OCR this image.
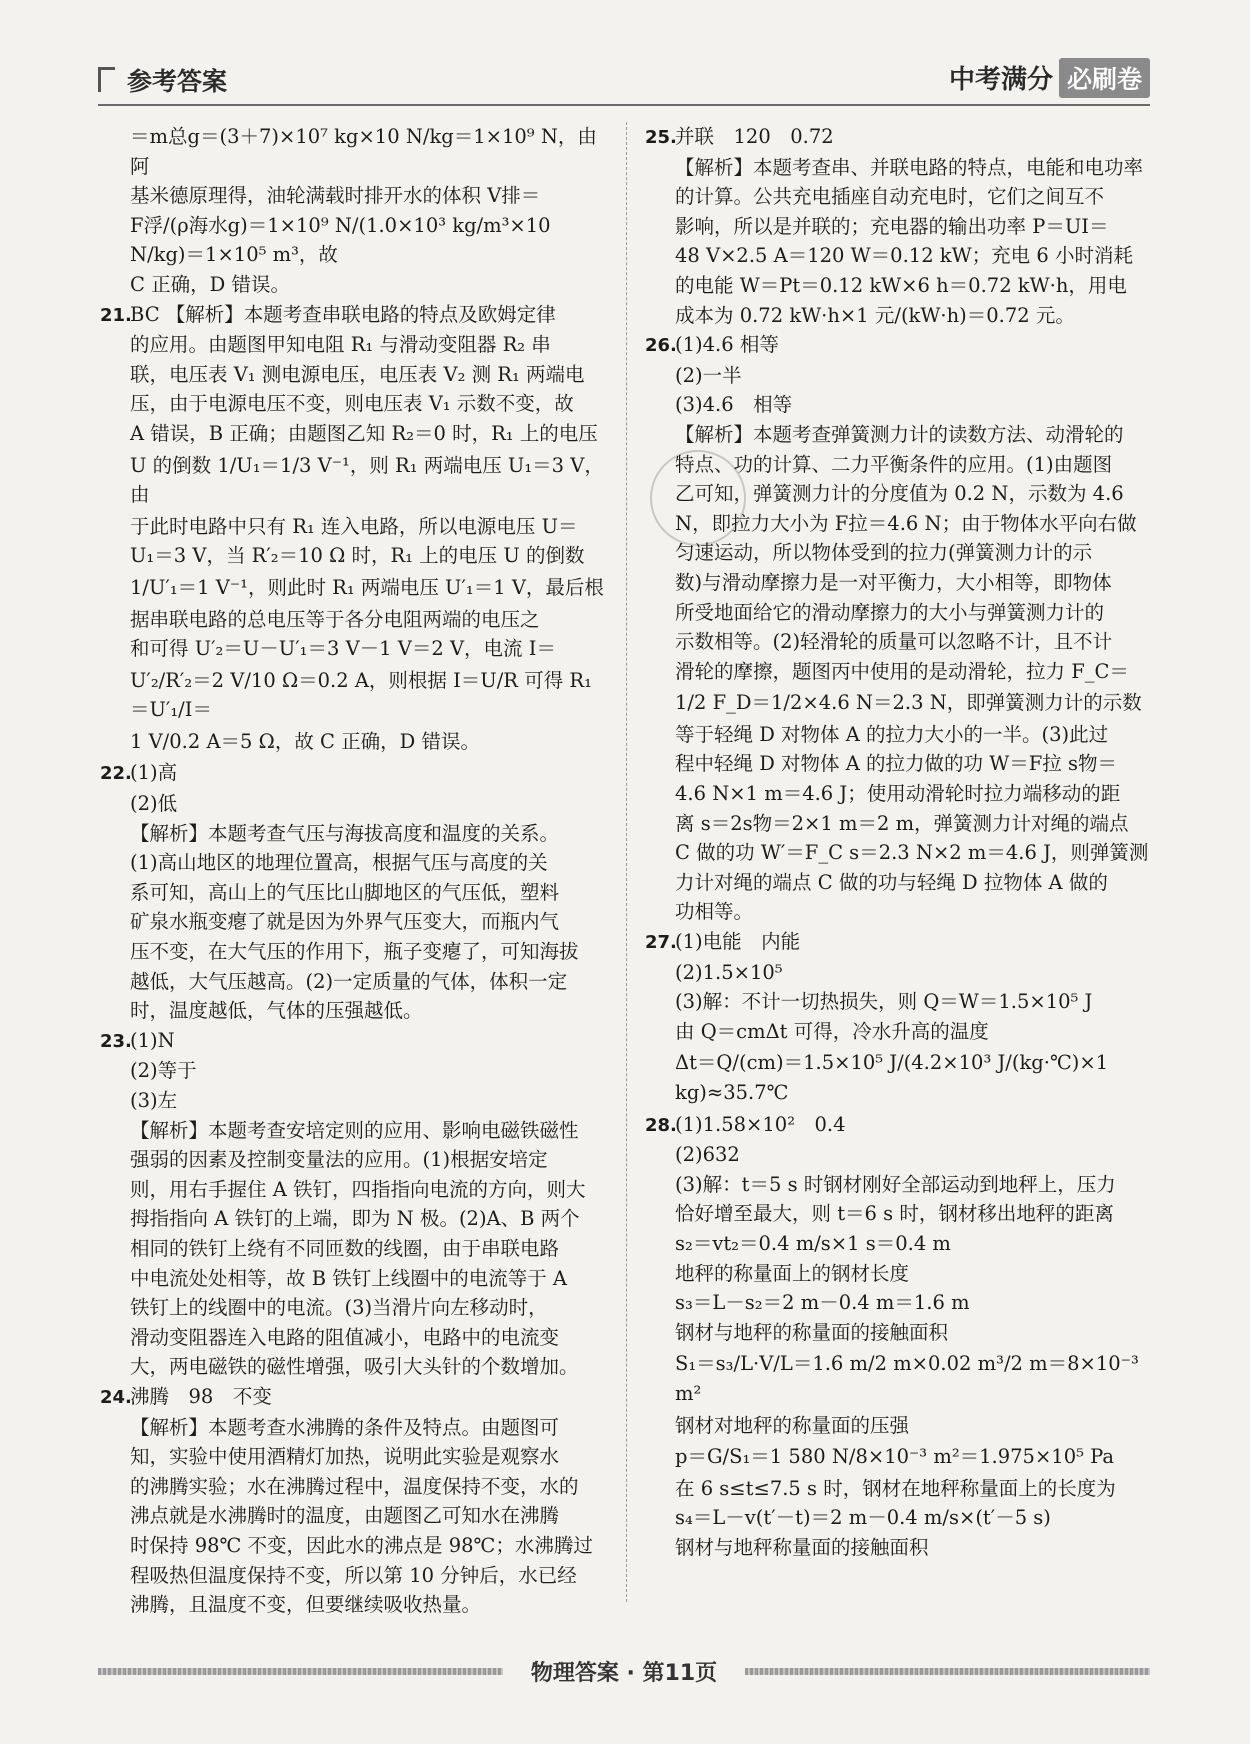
参考答案	中考满分 必刷卷

＝m总g＝(3＋7)×10⁷ kg×10 N/kg＝1×10⁹ N，由阿

基米德原理得，油轮满载时排开水的体积 V排＝

F浮/(ρ海水g)＝1×10⁹ N/(1.0×10³ kg/m³×10 N/kg)＝1×10⁵ m³，故

C 正确，D 错误。

21.BC 【解析】本题考查串联电路的特点及欧姆定律

的应用。由题图甲知电阻 R₁ 与滑动变阻器 R₂ 串

联，电压表 V₁ 测电源电压，电压表 V₂ 测 R₁ 两端电

压，由于电源电压不变，则电压表 V₁ 示数不变，故

A 错误，B 正确；由题图乙知 R₂＝0 时，R₁ 上的电压

U 的倒数 1/U₁＝1/3 V⁻¹，则 R₁ 两端电压 U₁＝3 V，由

于此时电路中只有 R₁ 连入电路，所以电源电压 U＝

U₁＝3 V，当 R′₂＝10 Ω 时，R₁ 上的电压 U 的倒数

1/U′₁＝1 V⁻¹，则此时 R₁ 两端电压 U′₁＝1 V，最后根

据串联电路的总电压等于各分电阻两端的电压之

和可得 U′₂＝U－U′₁＝3 V－1 V＝2 V，电流 I＝

U′₂/R′₂＝2 V/10 Ω＝0.2 A，则根据 I＝U/R 可得 R₁＝U′₁/I＝

1 V/0.2 A＝5 Ω，故 C 正确，D 错误。

22.(1)高

(2)低

【解析】本题考查气压与海拔高度和温度的关系。

(1)高山地区的地理位置高，根据气压与高度的关

系可知，高山上的气压比山脚地区的气压低，塑料

矿泉水瓶变瘪了就是因为外界气压变大，而瓶内气

压不变，在大气压的作用下，瓶子变瘪了，可知海拔

越低，大气压越高。(2)一定质量的气体，体积一定

时，温度越低，气体的压强越低。

23.(1)N

(2)等于

(3)左

【解析】本题考查安培定则的应用、影响电磁铁磁性

强弱的因素及控制变量法的应用。(1)根据安培定

则，用右手握住 A 铁钉，四指指向电流的方向，则大

拇指指向 A 铁钉的上端，即为 N 极。(2)A、B 两个

相同的铁钉上绕有不同匝数的线圈，由于串联电路

中电流处处相等，故 B 铁钉上线圈中的电流等于 A

铁钉上的线圈中的电流。(3)当滑片向左移动时，

滑动变阻器连入电路的阻值减小，电路中的电流变

大，两电磁铁的磁性增强，吸引大头针的个数增加。

24.沸腾　98　不变

【解析】本题考查水沸腾的条件及特点。由题图可

知，实验中使用酒精灯加热，说明此实验是观察水

的沸腾实验；水在沸腾过程中，温度保持不变，水的

沸点就是水沸腾时的温度，由题图乙可知水在沸腾

时保持 98℃ 不变，因此水的沸点是 98℃；水沸腾过

程吸热但温度保持不变，所以第 10 分钟后，水已经

沸腾，且温度不变，但要继续吸收热量。

25.并联　120　0.72

【解析】本题考查串、并联电路的特点，电能和电功率

的计算。公共充电插座自动充电时，它们之间互不

影响，所以是并联的；充电器的输出功率 P＝UI＝

48 V×2.5 A＝120 W＝0.12 kW；充电 6 小时消耗

的电能 W＝Pt＝0.12 kW×6 h＝0.72 kW·h，用电

成本为 0.72 kW·h×1 元/(kW·h)＝0.72 元。

26.(1)4.6 相等

(2)一半

(3)4.6　相等

【解析】本题考查弹簧测力计的读数方法、动滑轮的

特点、功的计算、二力平衡条件的应用。(1)由题图

乙可知，弹簧测力计的分度值为 0.2 N，示数为 4.6

N，即拉力大小为 F拉＝4.6 N；由于物体水平向右做

匀速运动，所以物体受到的拉力(弹簧测力计的示

数)与滑动摩擦力是一对平衡力，大小相等，即物体

所受地面给它的滑动摩擦力的大小与弹簧测力计的

示数相等。(2)轻滑轮的质量可以忽略不计，且不计

滑轮的摩擦，题图丙中使用的是动滑轮，拉力 F_C＝

1/2 F_D＝1/2×4.6 N＝2.3 N，即弹簧测力计的示数

等于轻绳 D 对物体 A 的拉力大小的一半。(3)此过

程中轻绳 D 对物体 A 的拉力做的功 W＝F拉 s物＝

4.6 N×1 m＝4.6 J；使用动滑轮时拉力端移动的距

离 s＝2s物＝2×1 m＝2 m，弹簧测力计对绳的端点

C 做的功 W′＝F_C s＝2.3 N×2 m＝4.6 J，则弹簧测

力计对绳的端点 C 做的功与轻绳 D 拉物体 A 做的

功相等。

27.(1)电能　内能

(2)1.5×10⁵

(3)解：不计一切热损失，则 Q＝W＝1.5×10⁵ J

由 Q＝cmΔt 可得，冷水升高的温度

Δt＝Q/(cm)＝1.5×10⁵ J/(4.2×10³ J/(kg·℃)×1 kg)≈35.7℃

28.(1)1.58×10²　0.4

(2)632

(3)解：t＝5 s 时钢材刚好全部运动到地秤上，压力

恰好增至最大，则 t＝6 s 时，钢材移出地秤的距离

s₂＝vt₂＝0.4 m/s×1 s＝0.4 m

地秤的称量面上的钢材长度

s₃＝L－s₂＝2 m－0.4 m＝1.6 m

钢材与地秤的称量面的接触面积

S₁＝s₃/L·V/L＝1.6 m/2 m×0.02 m³/2 m＝8×10⁻³ m²

钢材对地秤的称量面的压强

p＝G/S₁＝1 580 N/8×10⁻³ m²＝1.975×10⁵ Pa

在 6 s≤t≤7.5 s 时，钢材在地秤称量面上的长度为

s₄＝L－v(t′－t)＝2 m－0.4 m/s×(t′－5 s)

钢材与地秤称量面的接触面积

物理答案 · 第11页
